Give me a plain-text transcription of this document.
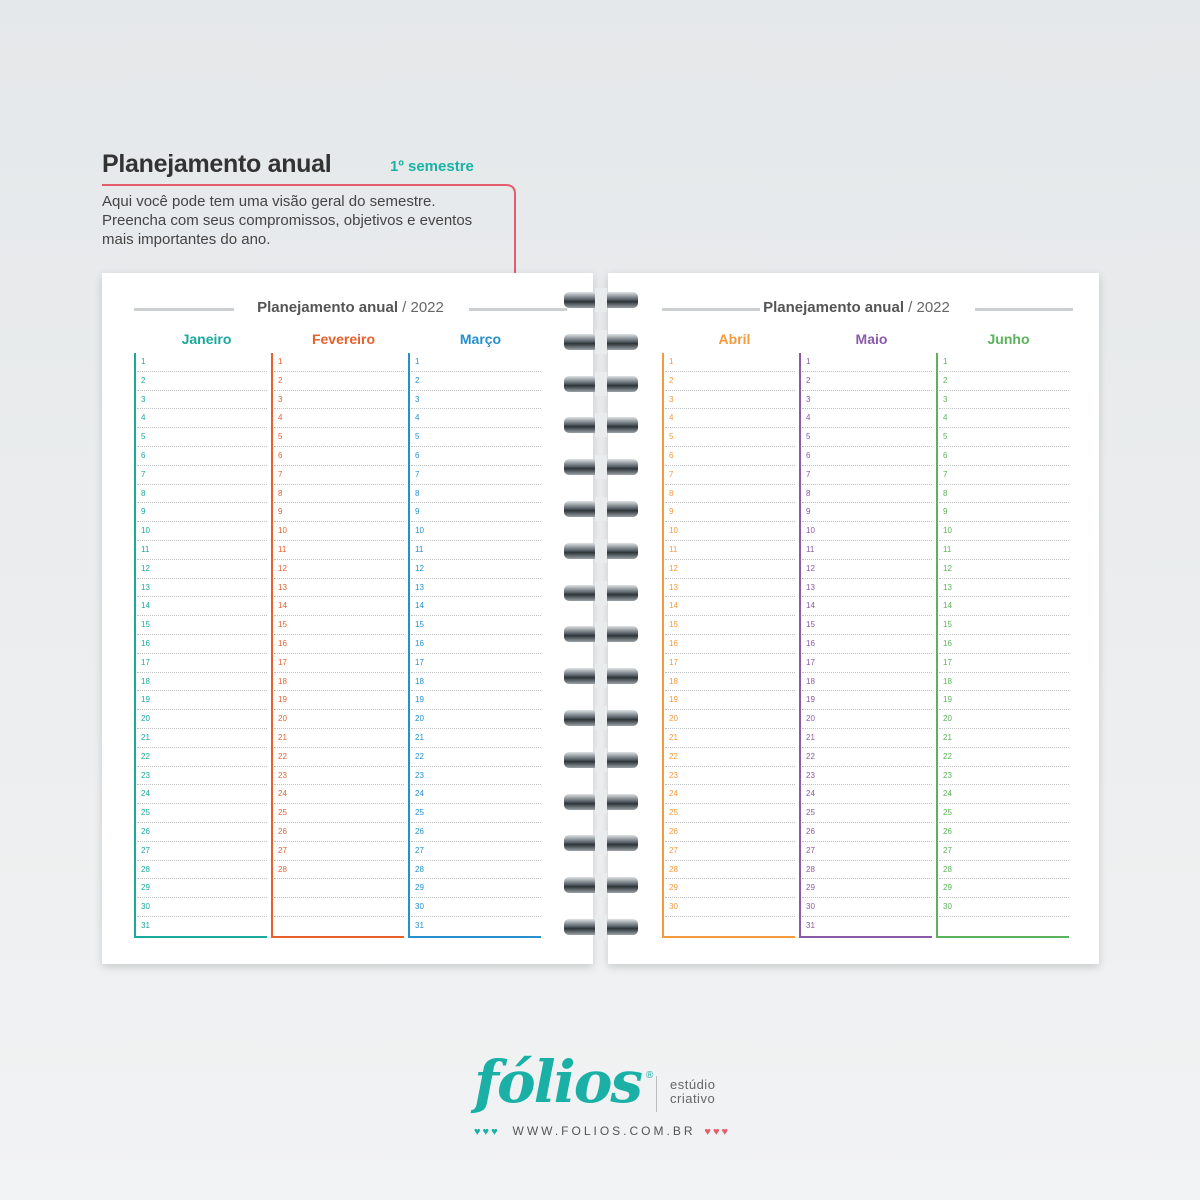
Planejamento anual	1º semestre
Aqui você pode tem uma visão geral do semestre. Preencha com seus compromissos, objetivos e eventos mais importantes do ano.
Planejamento anual / 2022
Janeiro
1
2
3
4
5
6
7
8
9
10
11
12
13
14
15
16
17
18
19
20
21
22
23
24
25
26
27
28
29
30
31
Fevereiro
1
2
3
4
5
6
7
8
9
10
11
12
13
14
15
16
17
18
19
20
21
22
23
24
25
26
27
28
Março
1
2
3
4
5
6
7
8
9
10
11
12
13
14
15
16
17
18
19
20
21
22
23
24
25
26
27
28
29
30
31
Planejamento anual / 2022
Abril
1
2
3
4
5
6
7
8
9
10
11
12
13
14
15
16
17
18
19
20
21
22
23
24
25
26
27
28
29
30
Maio
1
2
3
4
5
6
7
8
9
10
11
12
13
14
15
16
17
18
19
20
21
22
23
24
25
26
27
28
29
30
31
Junho
1
2
3
4
5
6
7
8
9
10
11
12
13
14
15
16
17
18
19
20
21
22
23
24
25
26
27
28
29
30
fólios ®
estúdio
criativo
♥♥♥	WWW.FOLIOS.COM.BR ♥♥♥
